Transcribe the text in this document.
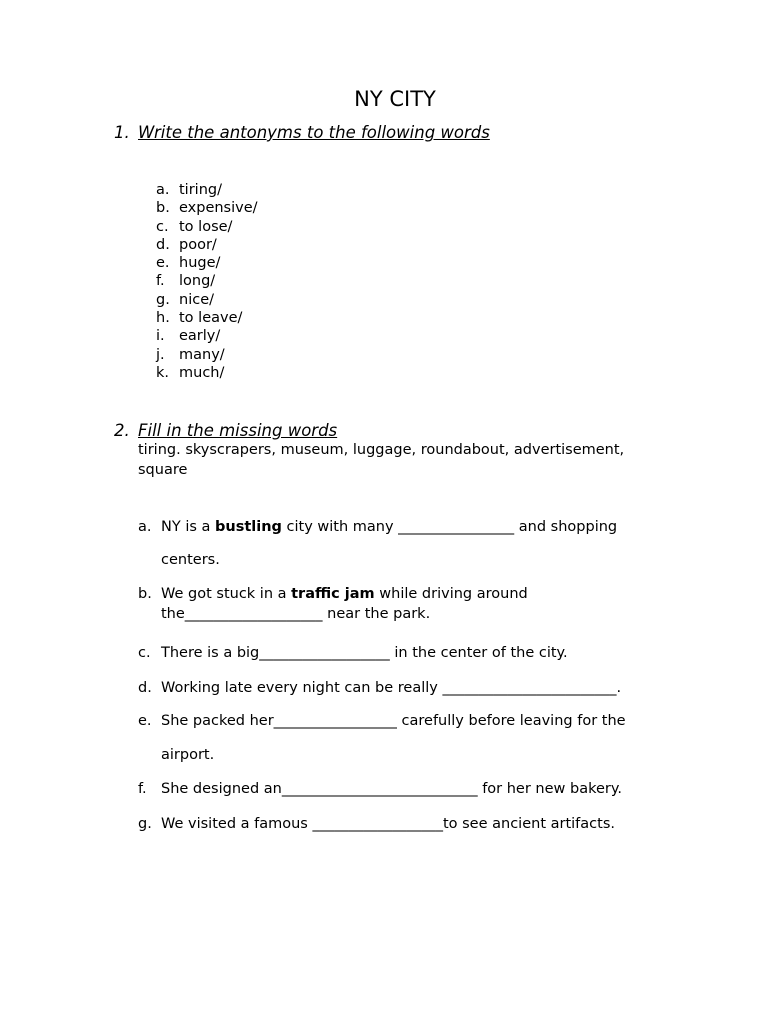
NY CITY
1. Write the antonyms to the following words
a. tiring/
b. expensive/
c. to lose/
d. poor/
e. huge/
f. long/
g. nice/
h. to leave/
i. early/
j. many/
k. much/
2. Fill in the missing words
tiring. skyscrapers, museum, luggage, roundabout, advertisement, square
a. NY is a bustling city with many ________________ and shopping
centers.
b. We got stuck in a traffic jam while driving around
the___________________ near the park.
c. There is a big__________________ in the center of the city.
d. Working late every night can be really ________________________.
e. She packed her_________________ carefully before leaving for the
airport.
f. She designed an___________________________ for her new bakery.
g. We visited a famous __________________to see ancient artifacts.
